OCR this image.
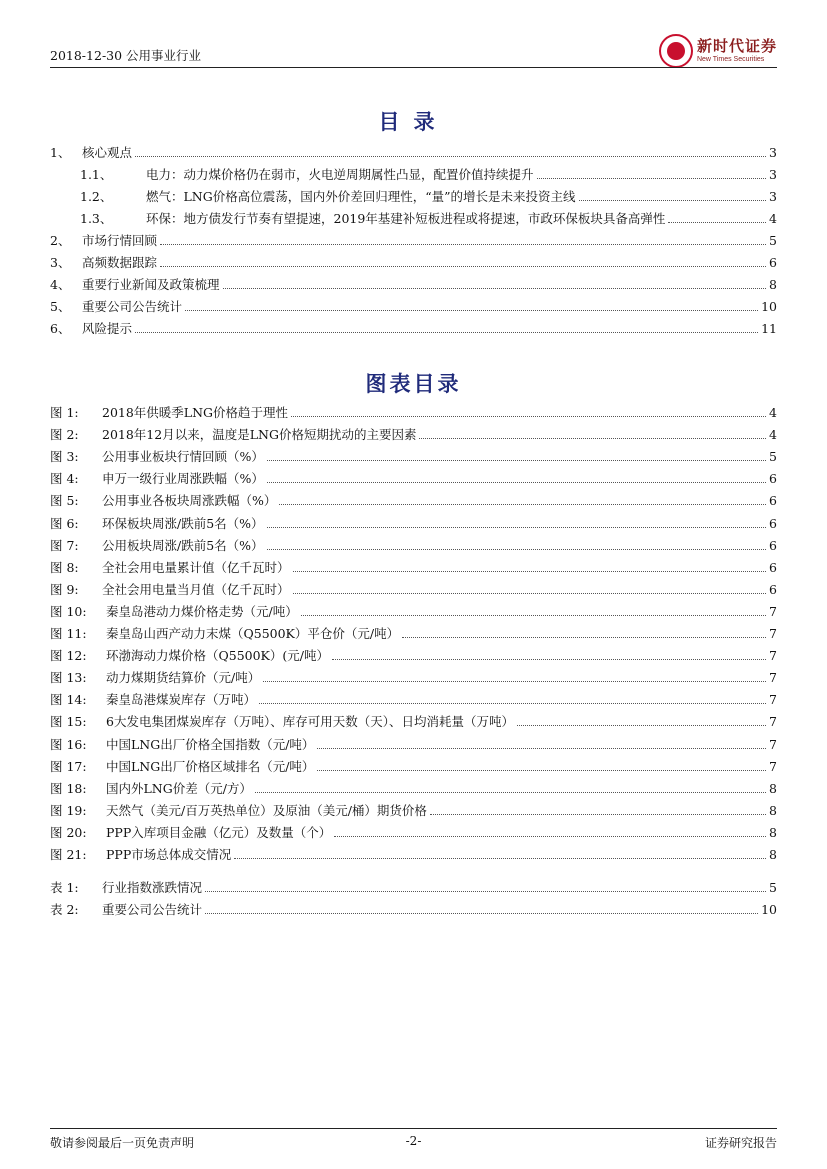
2018-12-30 公用事业行业
新时代证券
New Times Securities
目录
图表目录
1、 核心观点	3
1.1、	电力：动力煤价格仍在弱市，火电逆周期属性凸显，配置价值持续提升	3
1.2、	燃气：LNG价格高位震荡，国内外价差回归理性，“量”的增长是未来投资主线	3
1.3、	环保：地方债发行节奏有望提速，2019年基建补短板进程或将提速，市政环保板块具备高弹性	4
2、 市场行情回顾	5
3、 高频数据跟踪	6
4、 重要行业新闻及政策梳理	8
5、 重要公司公告统计	10
6、 风险提示	11
图 1:	2018年供暖季LNG价格趋于理性	4
图 2:	2018年12月以来，温度是LNG价格短期扰动的主要因素	4
图 3:	公用事业板块行情回顾（%）	5
图 4:	申万一级行业周涨跌幅（%）	6
图 5:	公用事业各板块周涨跌幅（%）	6
图 6:	环保板块周涨/跌前5名（%）	6
图 7:	公用板块周涨/跌前5名（%）	6
图 8:	全社会用电量累计值（亿千瓦时）	6
图 9:	全社会用电量当月值（亿千瓦时）	6
图 10:	秦皇岛港动力煤价格走势（元/吨）	7
图 11:	秦皇岛山西产动力末煤（Q5500K）平仓价（元/吨）	7
图 12:	环渤海动力煤价格（Q5500K）(元/吨）	7
图 13:	动力煤期货结算价（元/吨）	7
图 14:	秦皇岛港煤炭库存（万吨）	7
图 15:	6大发电集团煤炭库存（万吨）、库存可用天数（天）、日均消耗量（万吨）	7
图 16:	中国LNG出厂价格全国指数（元/吨）	7
图 17:	中国LNG出厂价格区域排名（元/吨）	7
图 18:	国内外LNG价差（元/方）	8
图 19:	天然气（美元/百万英热单位）及原油（美元/桶）期货价格	8
图 20:	PPP入库项目金融（亿元）及数量（个）	8
图 21:	PPP市场总体成交情况	8
表 1:	行业指数涨跌情况	5
表 2:	重要公司公告统计	10
敬请参阅最后一页免责声明	-2-	证券研究报告
